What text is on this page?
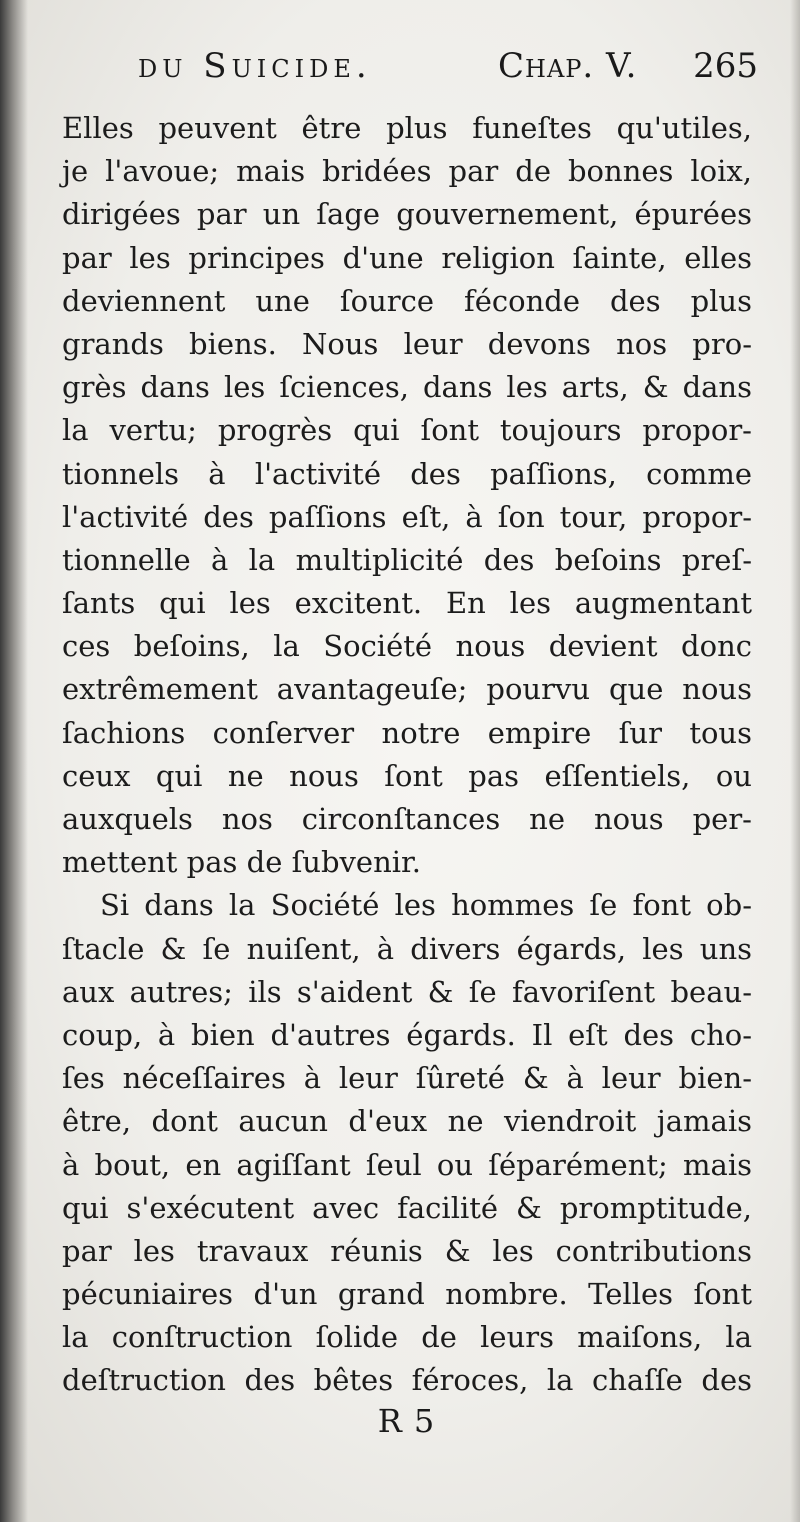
du Suicide.	Chap. V. 265
Elles peuvent être plus funeſtes qu'utiles,
je l'avoue; mais bridées par de bonnes loix,
dirigées par un ſage gouvernement, épurées
par les principes d'une religion ſainte, elles
deviennent une ſource féconde des plus
grands biens. Nous leur devons nos pro-
grès dans les ſciences, dans les arts, & dans
la vertu; progrès qui ſont toujours propor-
tionnels à l'activité des paſſions, comme
l'activité des paſſions eſt, à ſon tour, propor-
tionnelle à la multiplicité des beſoins preſ-
ſants qui les excitent. En les augmentant
ces beſoins, la Société nous devient donc
extrêmement avantageuſe; pourvu que nous
ſachions conſerver notre empire ſur tous
ceux qui ne nous ſont pas eſſentiels, ou
auxquels nos circonſtances ne nous per-
mettent pas de ſubvenir.
Si dans la Société les hommes ſe font ob-
ſtacle & ſe nuiſent, à divers égards, les uns
aux autres; ils s'aident & ſe favoriſent beau-
coup, à bien d'autres égards. Il eſt des cho-
ſes néceſſaires à leur ſûreté & à leur bien-
être, dont aucun d'eux ne viendroit jamais
à bout, en agiſſant ſeul ou ſéparément; mais
qui s'exécutent avec facilité & promptitude,
par les travaux réunis & les contributions
pécuniaires d'un grand nombre. Telles ſont
la conſtruction ſolide de leurs maiſons, la
deſtruction des bêtes féroces, la chaſſe des
R 5
